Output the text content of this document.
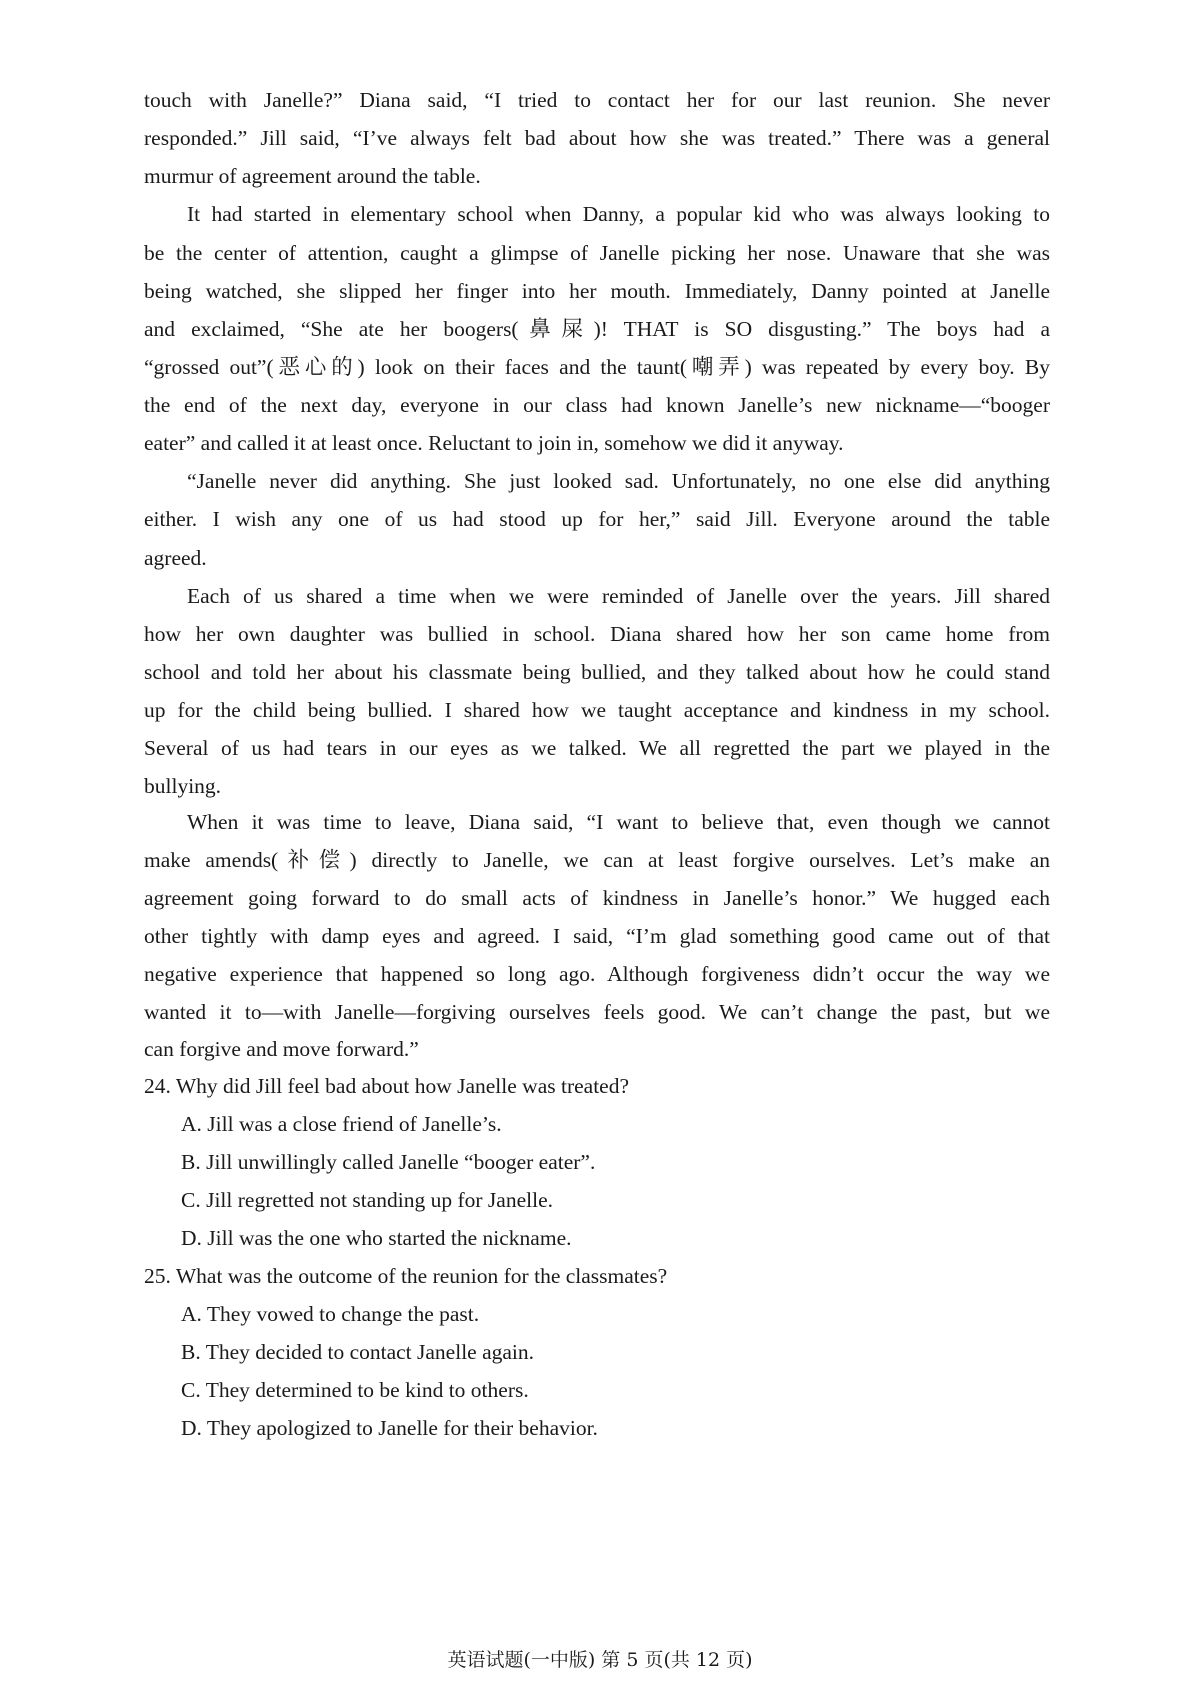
touch with Janelle?” Diana said, “I tried to contact her for our last reunion. She never
responded.” Jill said, “I’ve always felt bad about how she was treated.” There was a general
murmur of agreement around the table.
It had started in elementary school when Danny, a popular kid who was always looking to
be the center of attention, caught a glimpse of Janelle picking her nose. Unaware that she was
being watched, she slipped her finger into her mouth. Immediately, Danny pointed at Janelle
and exclaimed, “She ate her boogers(鼻屎)! THAT is SO disgusting.” The boys had a
“grossed out”(恶心的) look on their faces and the taunt(嘲弄) was repeated by every boy. By
the end of the next day, everyone in our class had known Janelle’s new nickname—“booger
eater” and called it at least once. Reluctant to join in, somehow we did it anyway.
“Janelle never did anything. She just looked sad. Unfortunately, no one else did anything
either. I wish any one of us had stood up for her,” said Jill. Everyone around the table
agreed.
Each of us shared a time when we were reminded of Janelle over the years. Jill shared
how her own daughter was bullied in school. Diana shared how her son came home from
school and told her about his classmate being bullied, and they talked about how he could stand
up for the child being bullied. I shared how we taught acceptance and kindness in my school.
Several of us had tears in our eyes as we talked. We all regretted the part we played in the
bullying.
When it was time to leave, Diana said, “I want to believe that, even though we cannot
make amends(补偿) directly to Janelle, we can at least forgive ourselves. Let’s make an
agreement going forward to do small acts of kindness in Janelle’s honor.” We hugged each
other tightly with damp eyes and agreed. I said, “I’m glad something good came out of that
negative experience that happened so long ago. Although forgiveness didn’t occur the way we
wanted it to—with Janelle—forgiving ourselves feels good. We can’t change the past, but we
can forgive and move forward.”
24. Why did Jill feel bad about how Janelle was treated?
A. Jill was a close friend of Janelle’s.
B. Jill unwillingly called Janelle “booger eater”.
C. Jill regretted not standing up for Janelle.
D. Jill was the one who started the nickname.
25. What was the outcome of the reunion for the classmates?
A. They vowed to change the past.
B. They decided to contact Janelle again.
C. They determined to be kind to others.
D. They apologized to Janelle for their behavior.
英语试题(一中版) 第 5 页(共 12 页)
